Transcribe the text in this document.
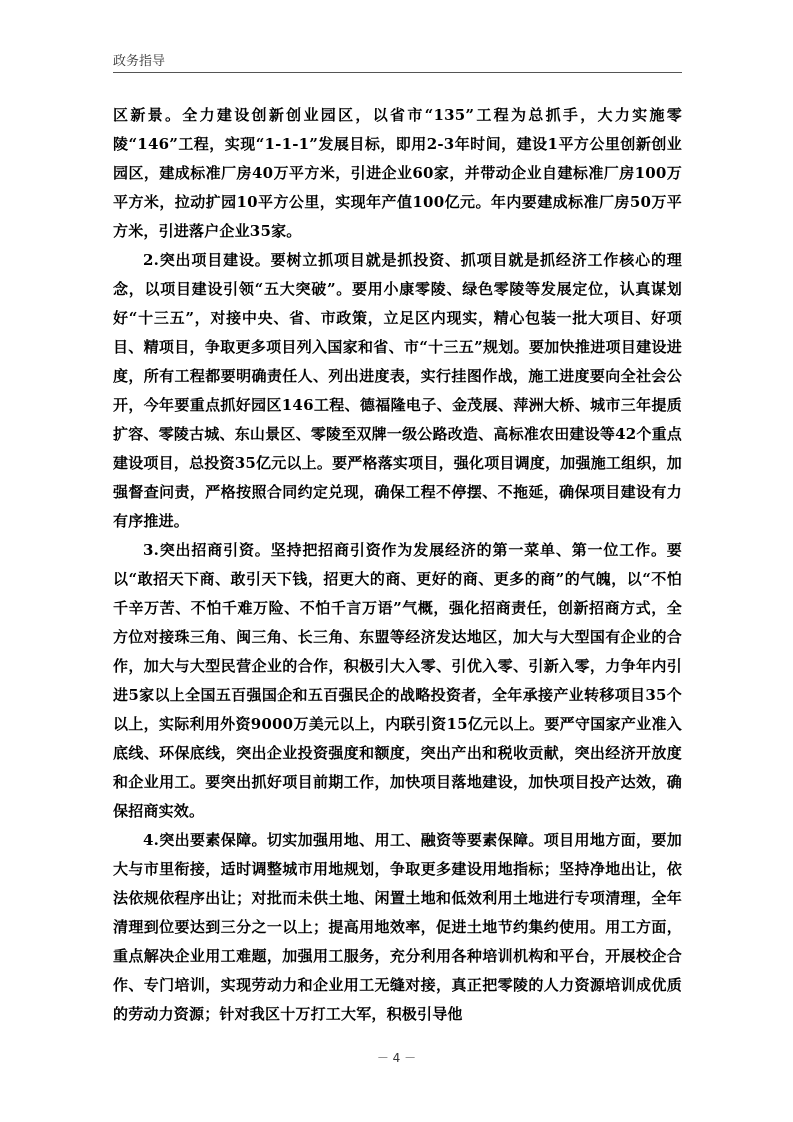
政务指导

区新景。全力建设创新创业园区，以省市“135”工程为总抓手，大力实施零陵“146”工程，实现“1-1-1”发展目标，即用2-3年时间，建设1平方公里创新创业园区，建成标准厂房40万平方米，引进企业60家，并带动企业自建标准厂房100万平方米，拉动扩园10平方公里，实现年产值100亿元。年内要建成标准厂房50万平方米，引进落户企业35家。

2.突出项目建设。要树立抓项目就是抓投资、抓项目就是抓经济工作核心的理念，以项目建设引领“五大突破”。要用小康零陵、绿色零陵等发展定位，认真谋划好“十三五”，对接中央、省、市政策，立足区内现实，精心包装一批大项目、好项目、精项目，争取更多项目列入国家和省、市“十三五”规划。要加快推进项目建设进度，所有工程都要明确责任人、列出进度表，实行挂图作战，施工进度要向全社会公开，今年要重点抓好园区146工程、德福隆电子、金茂展、萍洲大桥、城市三年提质扩容、零陵古城、东山景区、零陵至双牌一级公路改造、高标准农田建设等42个重点建设项目，总投资35亿元以上。要严格落实项目，强化项目调度，加强施工组织，加强督查问责，严格按照合同约定兑现，确保工程不停摆、不拖延，确保项目建设有力有序推进。

3.突出招商引资。坚持把招商引资作为发展经济的第一菜单、第一位工作。要以“敢招天下商、敢引天下钱，招更大的商、更好的商、更多的商”的气魄，以“不怕千辛万苦、不怕千难万险、不怕千言万语”气概，强化招商责任，创新招商方式，全方位对接珠三角、闽三角、长三角、东盟等经济发达地区，加大与大型国有企业的合作，加大与大型民营企业的合作，积极引大入零、引优入零、引新入零，力争年内引进5家以上全国五百强国企和五百强民企的战略投资者，全年承接产业转移项目35个以上，实际利用外资9000万美元以上，内联引资15亿元以上。要严守国家产业准入底线、环保底线，突出企业投资强度和额度，突出产出和税收贡献，突出经济开放度和企业用工。要突出抓好项目前期工作，加快项目落地建设，加快项目投产达效，确保招商实效。

4.突出要素保障。切实加强用地、用工、融资等要素保障。项目用地方面，要加大与市里衔接，适时调整城市用地规划，争取更多建设用地指标；坚持净地出让，依法依规依程序出让；对批而未供土地、闲置土地和低效利用土地进行专项清理，全年清理到位要达到三分之一以上；提高用地效率，促进土地节约集约使用。用工方面，重点解决企业用工难题，加强用工服务，充分利用各种培训机构和平台，开展校企合作、专门培训，实现劳动力和企业用工无缝对接，真正把零陵的人力资源培训成优质的劳动力资源；针对我区十万打工大军，积极引导他

－ 4 －
